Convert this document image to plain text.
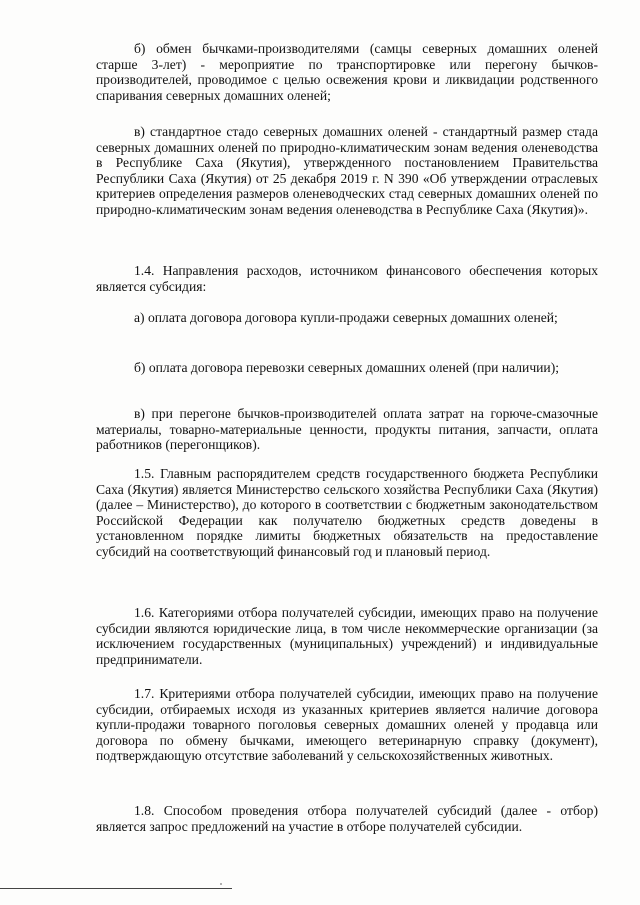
б) обмен бычками-производителями (самцы северных домашних оленей старше 3-лет) - мероприятие по транспортировке или перегону бычков-производителей, проводимое с целью освежения крови и ликвидации родственного спаривания северных домашних оленей;

в) стандартное стадо северных домашних оленей - стандартный размер стада северных домашних оленей по природно-климатическим зонам ведения оленеводства в Республике Саха (Якутия), утвержденного постановлением Правительства Республики Саха (Якутия) от 25 декабря 2019 г. N 390 «Об утверждении отраслевых критериев определения размеров оленеводческих стад северных домашних оленей по природно-климатическим зонам ведения оленеводства в Республике Саха (Якутия)».

1.4. Направления расходов, источником финансового обеспечения которых является субсидия:

а) оплата договора договора купли-продажи северных домашних оленей;

б) оплата договора перевозки северных домашних оленей (при наличии);

в) при перегоне бычков-производителей оплата затрат на горюче-смазочные материалы, товарно-материальные ценности, продукты питания, запчасти, оплата работников (перегонщиков).

1.5. Главным распорядителем средств государственного бюджета Республики Саха (Якутия) является Министерство сельского хозяйства Республики Саха (Якутия) (далее – Министерство), до которого в соответствии с бюджетным законодательством Российской Федерации как получателю бюджетных средств доведены в установленном порядке лимиты бюджетных обязательств на предоставление субсидий на соответствующий финансовый год и плановый период.

1.6. Категориями отбора получателей субсидии, имеющих право на получение субсидии являются юридические лица, в том числе некоммерческие организации (за исключением государственных (муниципальных) учреждений) и индивидуальные предприниматели.

1.7. Критериями отбора получателей субсидии, имеющих право на получение субсидии, отбираемых исходя из указанных критериев является наличие договора купли-продажи товарного поголовья северных домашних оленей у продавца или договора по обмену бычками, имеющего ветеринарную справку (документ), подтверждающую отсутствие заболеваний у сельскохозяйственных животных.

1.8. Способом проведения отбора получателей субсидий (далее - отбор) является запрос предложений на участие в отборе получателей субсидии.
